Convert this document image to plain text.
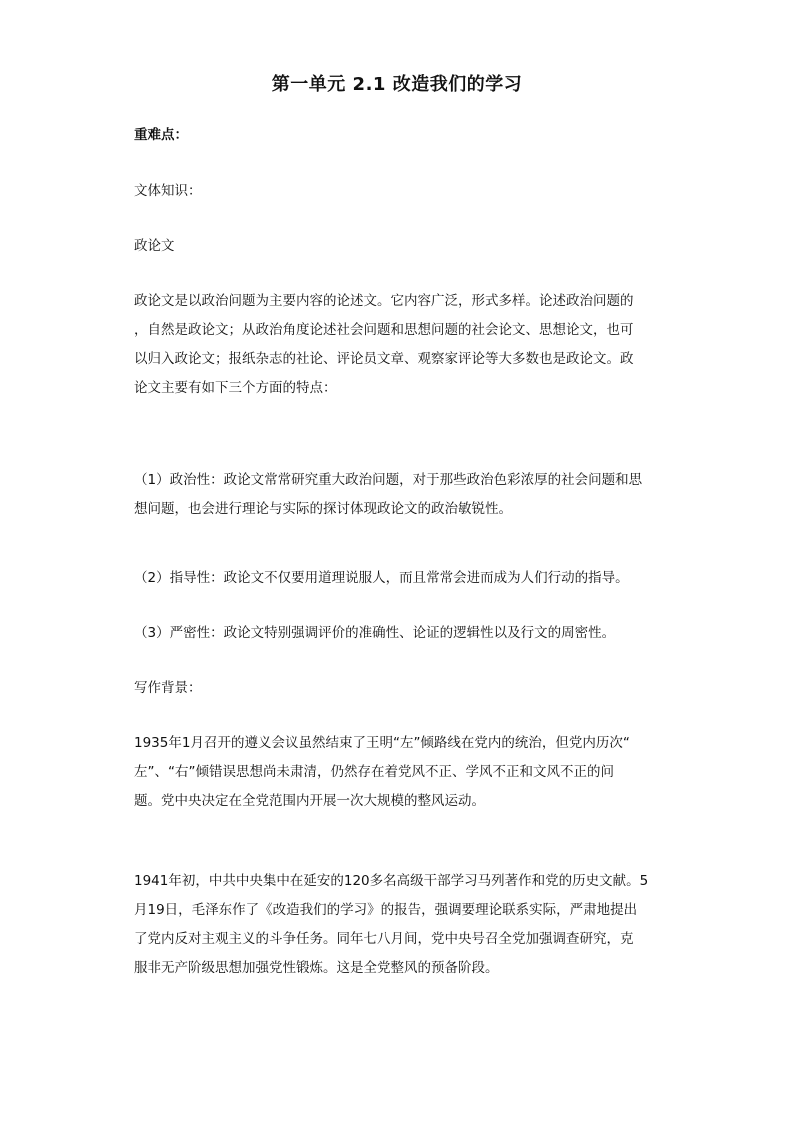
第一单元 2.1 改造我们的学习

重难点：

文体知识：

政论文

政论文是以政治问题为主要内容的论述文。它内容广泛，形式多样。论述政治问题的
，自然是政论文；从政治角度论述社会问题和思想问题的社会论文、思想论文，也可
以归入政论文；报纸杂志的社论、评论员文章、观察家评论等大多数也是政论文。政
论文主要有如下三个方面的特点：
（1）政治性：政论文常常研究重大政治问题，对于那些政治色彩浓厚的社会问题和思
想问题，也会进行理论与实际的探讨体现政论文的政治敏锐性。

（2）指导性：政论文不仅要用道理说服人，而且常常会进而成为人们行动的指导。

（3）严密性：政论文特别强调评价的准确性、论证的逻辑性以及行文的周密性。

写作背景：

1935年1月召开的遵义会议虽然结束了王明“左”倾路线在党内的统治，但党内历次“
左”、“右”倾错误思想尚未肃清，仍然存在着党风不正、学风不正和文风不正的问
题。党中央决定在全党范围内开展一次大规模的整风运动。
1941年初，中共中央集中在延安的120多名高级干部学习马列著作和党的历史文献。5
月19日，毛泽东作了《改造我们的学习》的报告，强调要理论联系实际，严肃地提出
了党内反对主观主义的斗争任务。同年七八月间，党中央号召全党加强调查研究，克
服非无产阶级思想加强党性锻炼。这是全党整风的预备阶段。
